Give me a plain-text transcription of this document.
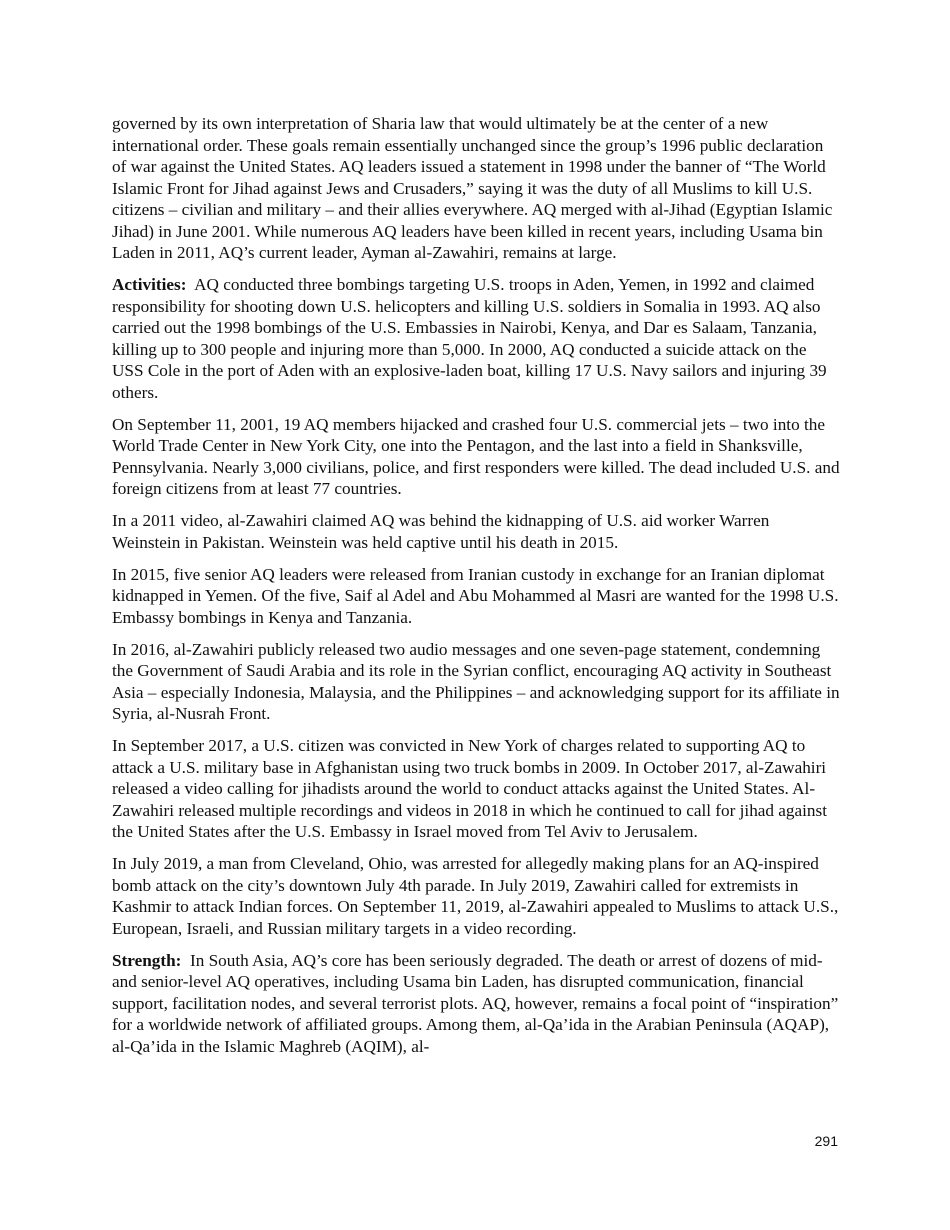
governed by its own interpretation of Sharia law that would ultimately be at the center of a new international order. These goals remain essentially unchanged since the group’s 1996 public declaration of war against the United States. AQ leaders issued a statement in 1998 under the banner of “The World Islamic Front for Jihad against Jews and Crusaders,” saying it was the duty of all Muslims to kill U.S. citizens – civilian and military – and their allies everywhere. AQ merged with al-Jihad (Egyptian Islamic Jihad) in June 2001. While numerous AQ leaders have been killed in recent years, including Usama bin Laden in 2011, AQ’s current leader, Ayman al-Zawahiri, remains at large.

Activities: AQ conducted three bombings targeting U.S. troops in Aden, Yemen, in 1992 and claimed responsibility for shooting down U.S. helicopters and killing U.S. soldiers in Somalia in 1993. AQ also carried out the 1998 bombings of the U.S. Embassies in Nairobi, Kenya, and Dar es Salaam, Tanzania, killing up to 300 people and injuring more than 5,000. In 2000, AQ conducted a suicide attack on the USS Cole in the port of Aden with an explosive-laden boat, killing 17 U.S. Navy sailors and injuring 39 others.

On September 11, 2001, 19 AQ members hijacked and crashed four U.S. commercial jets – two into the World Trade Center in New York City, one into the Pentagon, and the last into a field in Shanksville, Pennsylvania. Nearly 3,000 civilians, police, and first responders were killed. The dead included U.S. and foreign citizens from at least 77 countries.

In a 2011 video, al-Zawahiri claimed AQ was behind the kidnapping of U.S. aid worker Warren Weinstein in Pakistan. Weinstein was held captive until his death in 2015.

In 2015, five senior AQ leaders were released from Iranian custody in exchange for an Iranian diplomat kidnapped in Yemen. Of the five, Saif al Adel and Abu Mohammed al Masri are wanted for the 1998 U.S. Embassy bombings in Kenya and Tanzania.

In 2016, al-Zawahiri publicly released two audio messages and one seven-page statement, condemning the Government of Saudi Arabia and its role in the Syrian conflict, encouraging AQ activity in Southeast Asia – especially Indonesia, Malaysia, and the Philippines – and acknowledging support for its affiliate in Syria, al-Nusrah Front.

In September 2017, a U.S. citizen was convicted in New York of charges related to supporting AQ to attack a U.S. military base in Afghanistan using two truck bombs in 2009. In October 2017, al-Zawahiri released a video calling for jihadists around the world to conduct attacks against the United States. Al-Zawahiri released multiple recordings and videos in 2018 in which he continued to call for jihad against the United States after the U.S. Embassy in Israel moved from Tel Aviv to Jerusalem.

In July 2019, a man from Cleveland, Ohio, was arrested for allegedly making plans for an AQ-inspired bomb attack on the city’s downtown July 4th parade. In July 2019, Zawahiri called for extremists in Kashmir to attack Indian forces. On September 11, 2019, al-Zawahiri appealed to Muslims to attack U.S., European, Israeli, and Russian military targets in a video recording.

Strength: In South Asia, AQ’s core has been seriously degraded. The death or arrest of dozens of mid- and senior-level AQ operatives, including Usama bin Laden, has disrupted communication, financial support, facilitation nodes, and several terrorist plots. AQ, however, remains a focal point of “inspiration” for a worldwide network of affiliated groups. Among them, al-Qa’ida in the Arabian Peninsula (AQAP), al-Qa’ida in the Islamic Maghreb (AQIM), al-

291
